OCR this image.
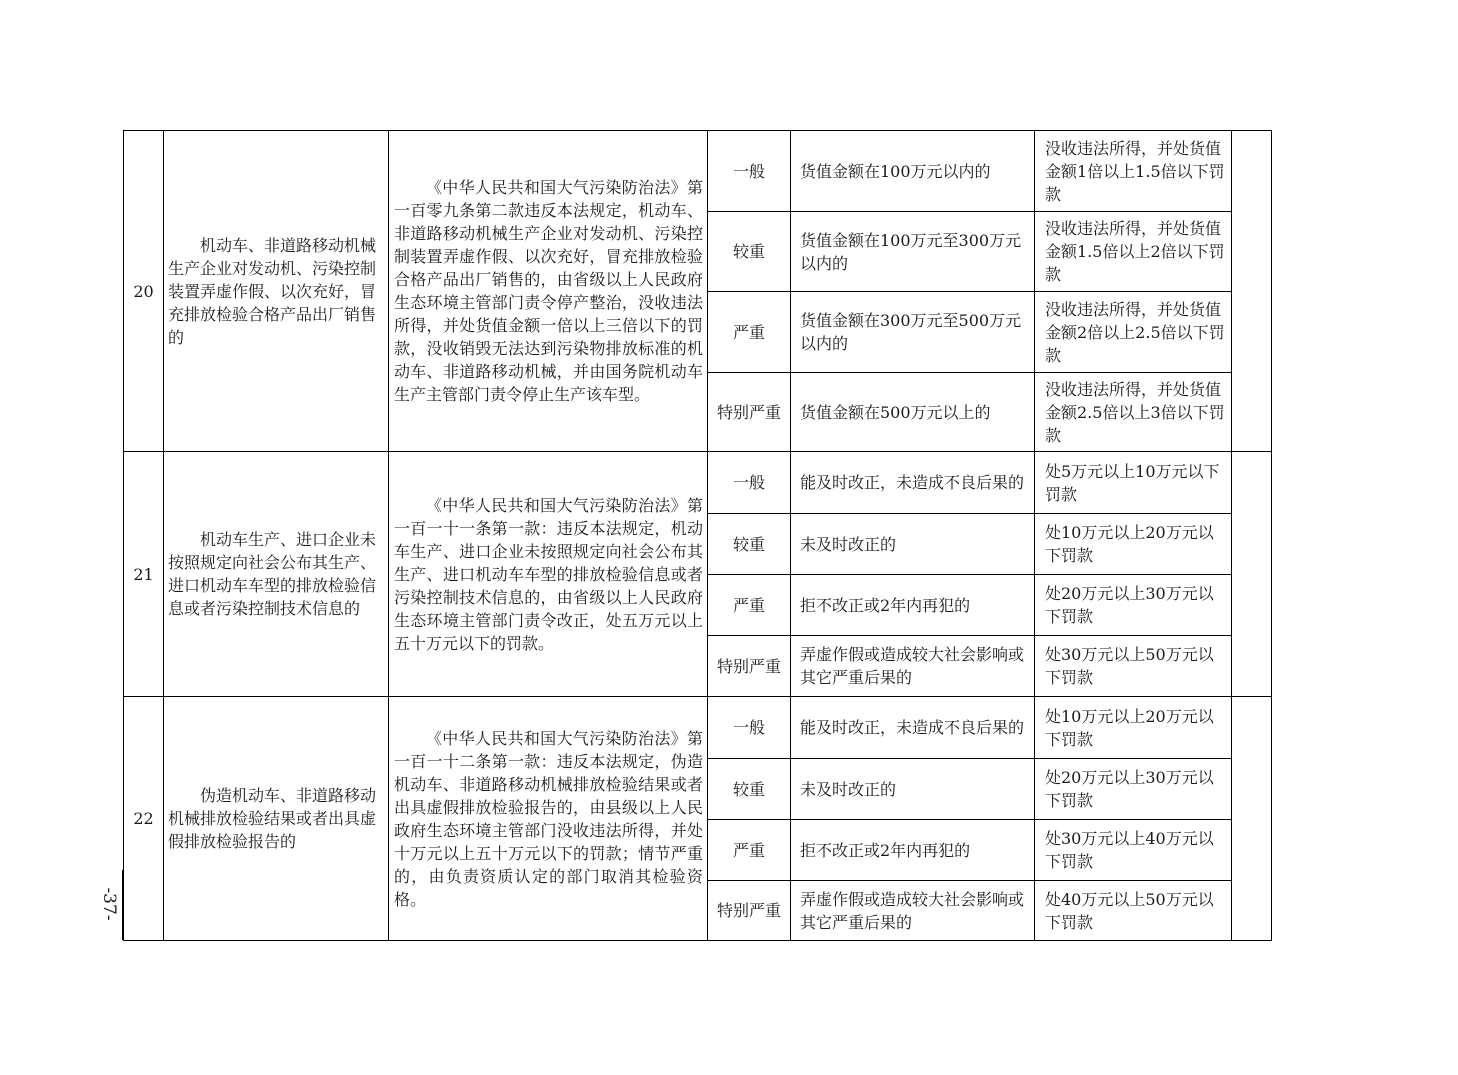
20	机动车、非道路移动机械生产企业对发动机、污染控制装置弄虚作假、以次充好，冒充排放检验合格产品出厂销售的	《中华人民共和国大气污染防治法》第一百零九条第二款违反本法规定，机动车、非道路移动机械生产企业对发动机、污染控制装置弄虚作假、以次充好，冒充排放检验合格产品出厂销售的，由省级以上人民政府生态环境主管部门责令停产整治，没收违法所得，并处货值金额一倍以上三倍以下的罚款，没收销毁无法达到污染物排放标准的机动车、非道路移动机械，并由国务院机动车生产主管部门责令停止生产该车型。	一般	货值金额在100万元以内的	没收违法所得，并处货值金额1倍以上1.5倍以下罚款	
			较重	货值金额在100万元至300万元以内的	没收违法所得，并处货值金额1.5倍以上2倍以下罚款	
			严重	货值金额在300万元至500万元以内的	没收违法所得，并处货值金额2倍以上2.5倍以下罚款	
			特别严重	货值金额在500万元以上的	没收违法所得，并处货值金额2.5倍以上3倍以下罚款	
21	机动车生产、进口企业未按照规定向社会公布其生产、进口机动车车型的排放检验信息或者污染控制技术信息的	《中华人民共和国大气污染防治法》第一百一十一条第一款：违反本法规定，机动车生产、进口企业未按照规定向社会公布其生产、进口机动车车型的排放检验信息或者污染控制技术信息的，由省级以上人民政府生态环境主管部门责令改正，处五万元以上五十万元以下的罚款。	一般	能及时改正，未造成不良后果的	处5万元以上10万元以下罚款	
			较重	未及时改正的	处10万元以上20万元以下罚款	
			严重	拒不改正或2年内再犯的	处20万元以上30万元以下罚款	
			特别严重	弄虚作假或造成较大社会影响或其它严重后果的	处30万元以上50万元以下罚款	
22	伪造机动车、非道路移动机械排放检验结果或者出具虚假排放检验报告的	《中华人民共和国大气污染防治法》第一百一十二条第一款：违反本法规定，伪造机动车、非道路移动机械排放检验结果或者出具虚假排放检验报告的，由县级以上人民政府生态环境主管部门没收违法所得，并处十万元以上五十万元以下的罚款；情节严重的，由负责资质认定的部门取消其检验资格。	一般	能及时改正，未造成不良后果的	处10万元以上20万元以下罚款	
			较重	未及时改正的	处20万元以上30万元以下罚款	
			严重	拒不改正或2年内再犯的	处30万元以上40万元以下罚款	
			特别严重	弄虚作假或造成较大社会影响或其它严重后果的	处40万元以上50万元以下罚款	
-37-
